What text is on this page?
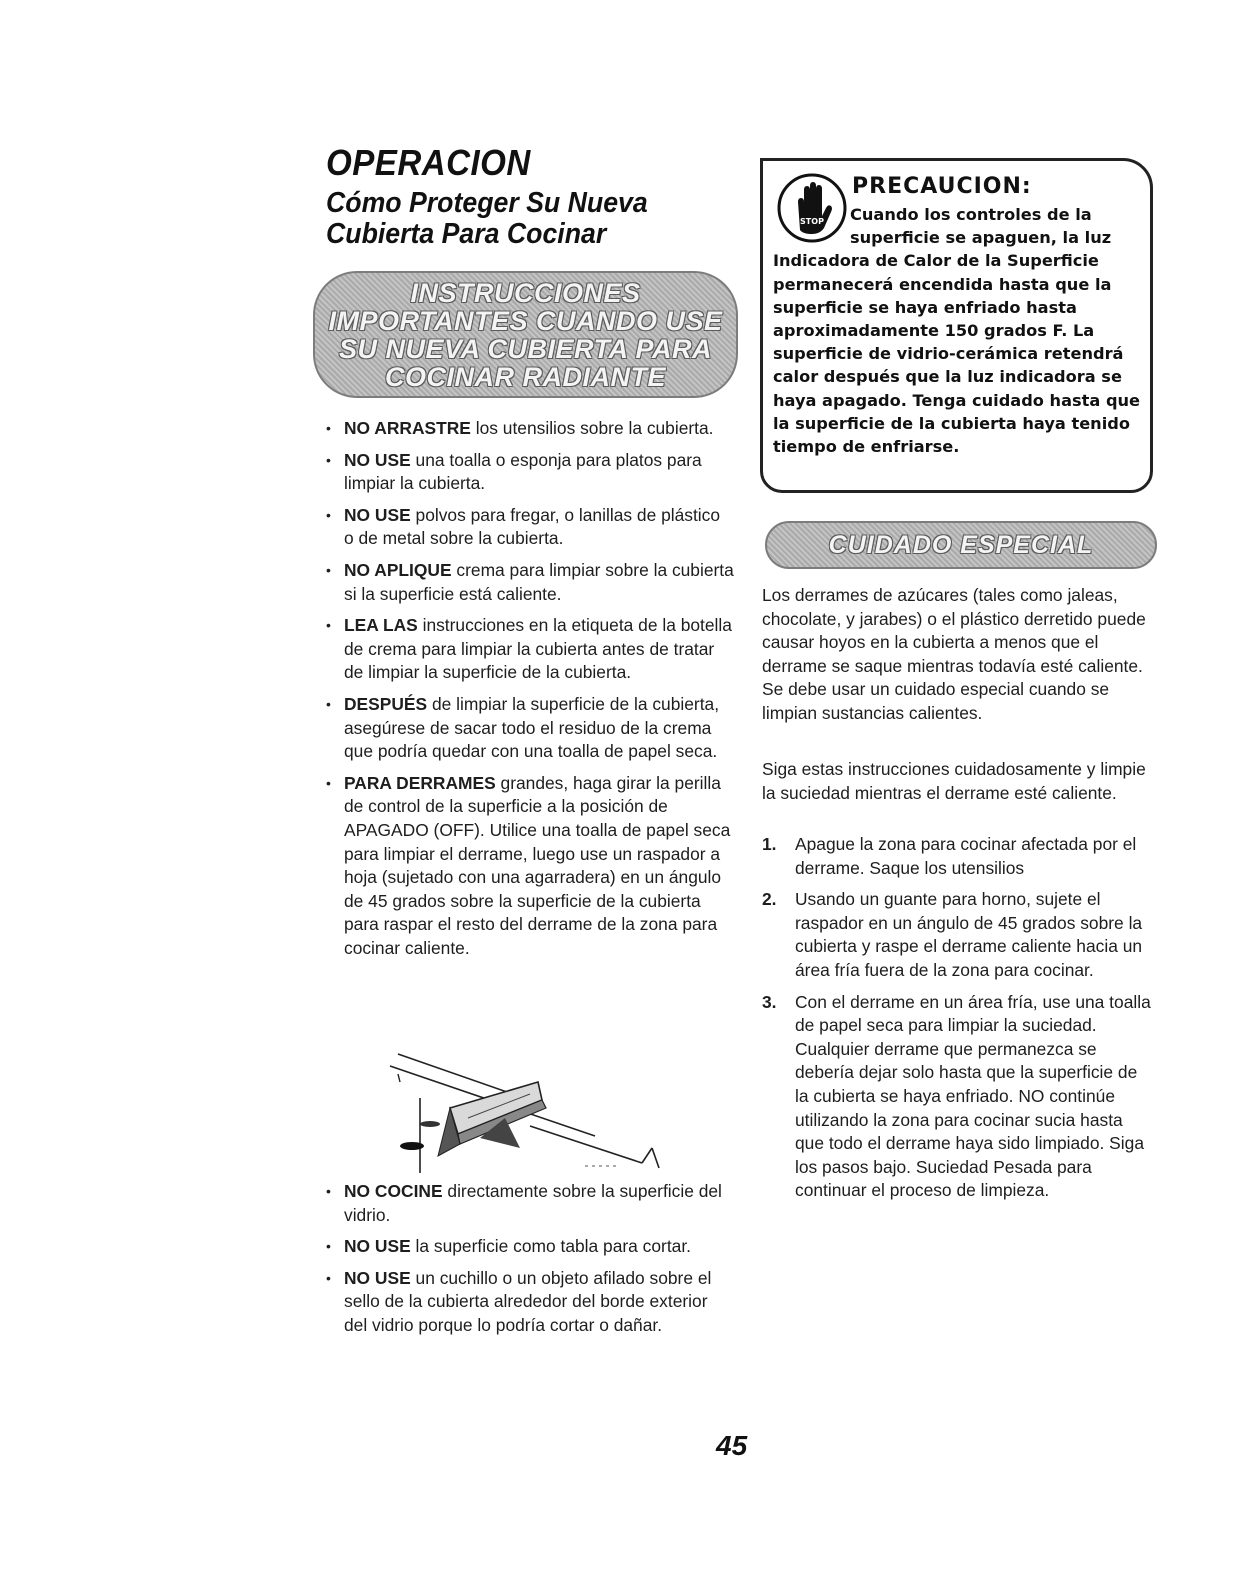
OPERACION
Cómo Proteger Su Nueva Cubierta Para Cocinar
INSTRUCCIONES
IMPORTANTES CUANDO USE
SU NUEVA CUBIERTA PARA
COCINAR RADIANTE
• NO ARRASTRE los utensilios sobre la cubierta.
• NO USE una toalla o esponja para platos para limpiar la cubierta.
• NO USE polvos para fregar, o lanillas de plástico o de metal sobre la cubierta.
• NO APLIQUE crema para limpiar sobre la cubierta si la superficie está caliente.
• LEA LAS instrucciones en la etiqueta de la botella de crema para limpiar la cubierta antes de tratar de limpiar la superficie de la cubierta.
• DESPUÉS de limpiar la superficie de la cubierta, asegúrese de sacar todo el residuo de la crema que podría quedar con una toalla de papel seca.
• PARA DERRAMES grandes, haga girar la perilla de control de la superficie a la posición de APAGADO (OFF). Utilice una toalla de papel seca para limpiar el derrame, luego use un raspador a hoja (sujetado con una agarradera) en un ángulo de 45 grados sobre la superficie de la cubierta para raspar el resto del derrame de la zona para cocinar caliente.
• NO COCINE directamente sobre la superficie del vidrio.
• NO USE la superficie como tabla para cortar.
• NO USE un cuchillo o un objeto afilado sobre el sello de la cubierta alrededor del borde exterior del vidrio porque lo podría cortar o dañar.
STOP
PRECAUCION:
Cuando los controles de la superficie se apaguen, la luz
Indicadora de Calor de la Superficie permanecerá encendida hasta que la superficie se haya enfriado hasta aproximadamente 150 grados F. La superficie de vidrio-cerámica retendrá calor después que la luz indicadora se haya apagado. Tenga cuidado hasta que la superficie de la cubierta haya tenido tiempo de enfriarse.
CUIDADO ESPECIAL
Los derrames de azúcares (tales como jaleas, chocolate, y jarabes) o el plástico derretido puede causar hoyos en la cubierta a menos que el derrame se saque mientras todavía esté caliente. Se debe usar un cuidado especial cuando se limpian sustancias calientes.
Siga estas instrucciones cuidadosamente y limpie la suciedad mientras el derrame esté caliente.
1. Apague la zona para cocinar afectada por el derrame. Saque los utensilios
2. Usando un guante para horno, sujete el raspador en un ángulo de 45 grados sobre la cubierta y raspe el derrame caliente hacia un área fría fuera de la zona para cocinar.
3. Con el derrame en un área fría, use una toalla de papel seca para limpiar la suciedad. Cualquier derrame que permanezca se debería dejar solo hasta que la superficie de la cubierta se haya enfriado. NO continúe utilizando la zona para cocinar sucia hasta que todo el derrame haya sido limpiado. Siga los pasos bajo. Suciedad Pesada para continuar el proceso de limpieza.
45
